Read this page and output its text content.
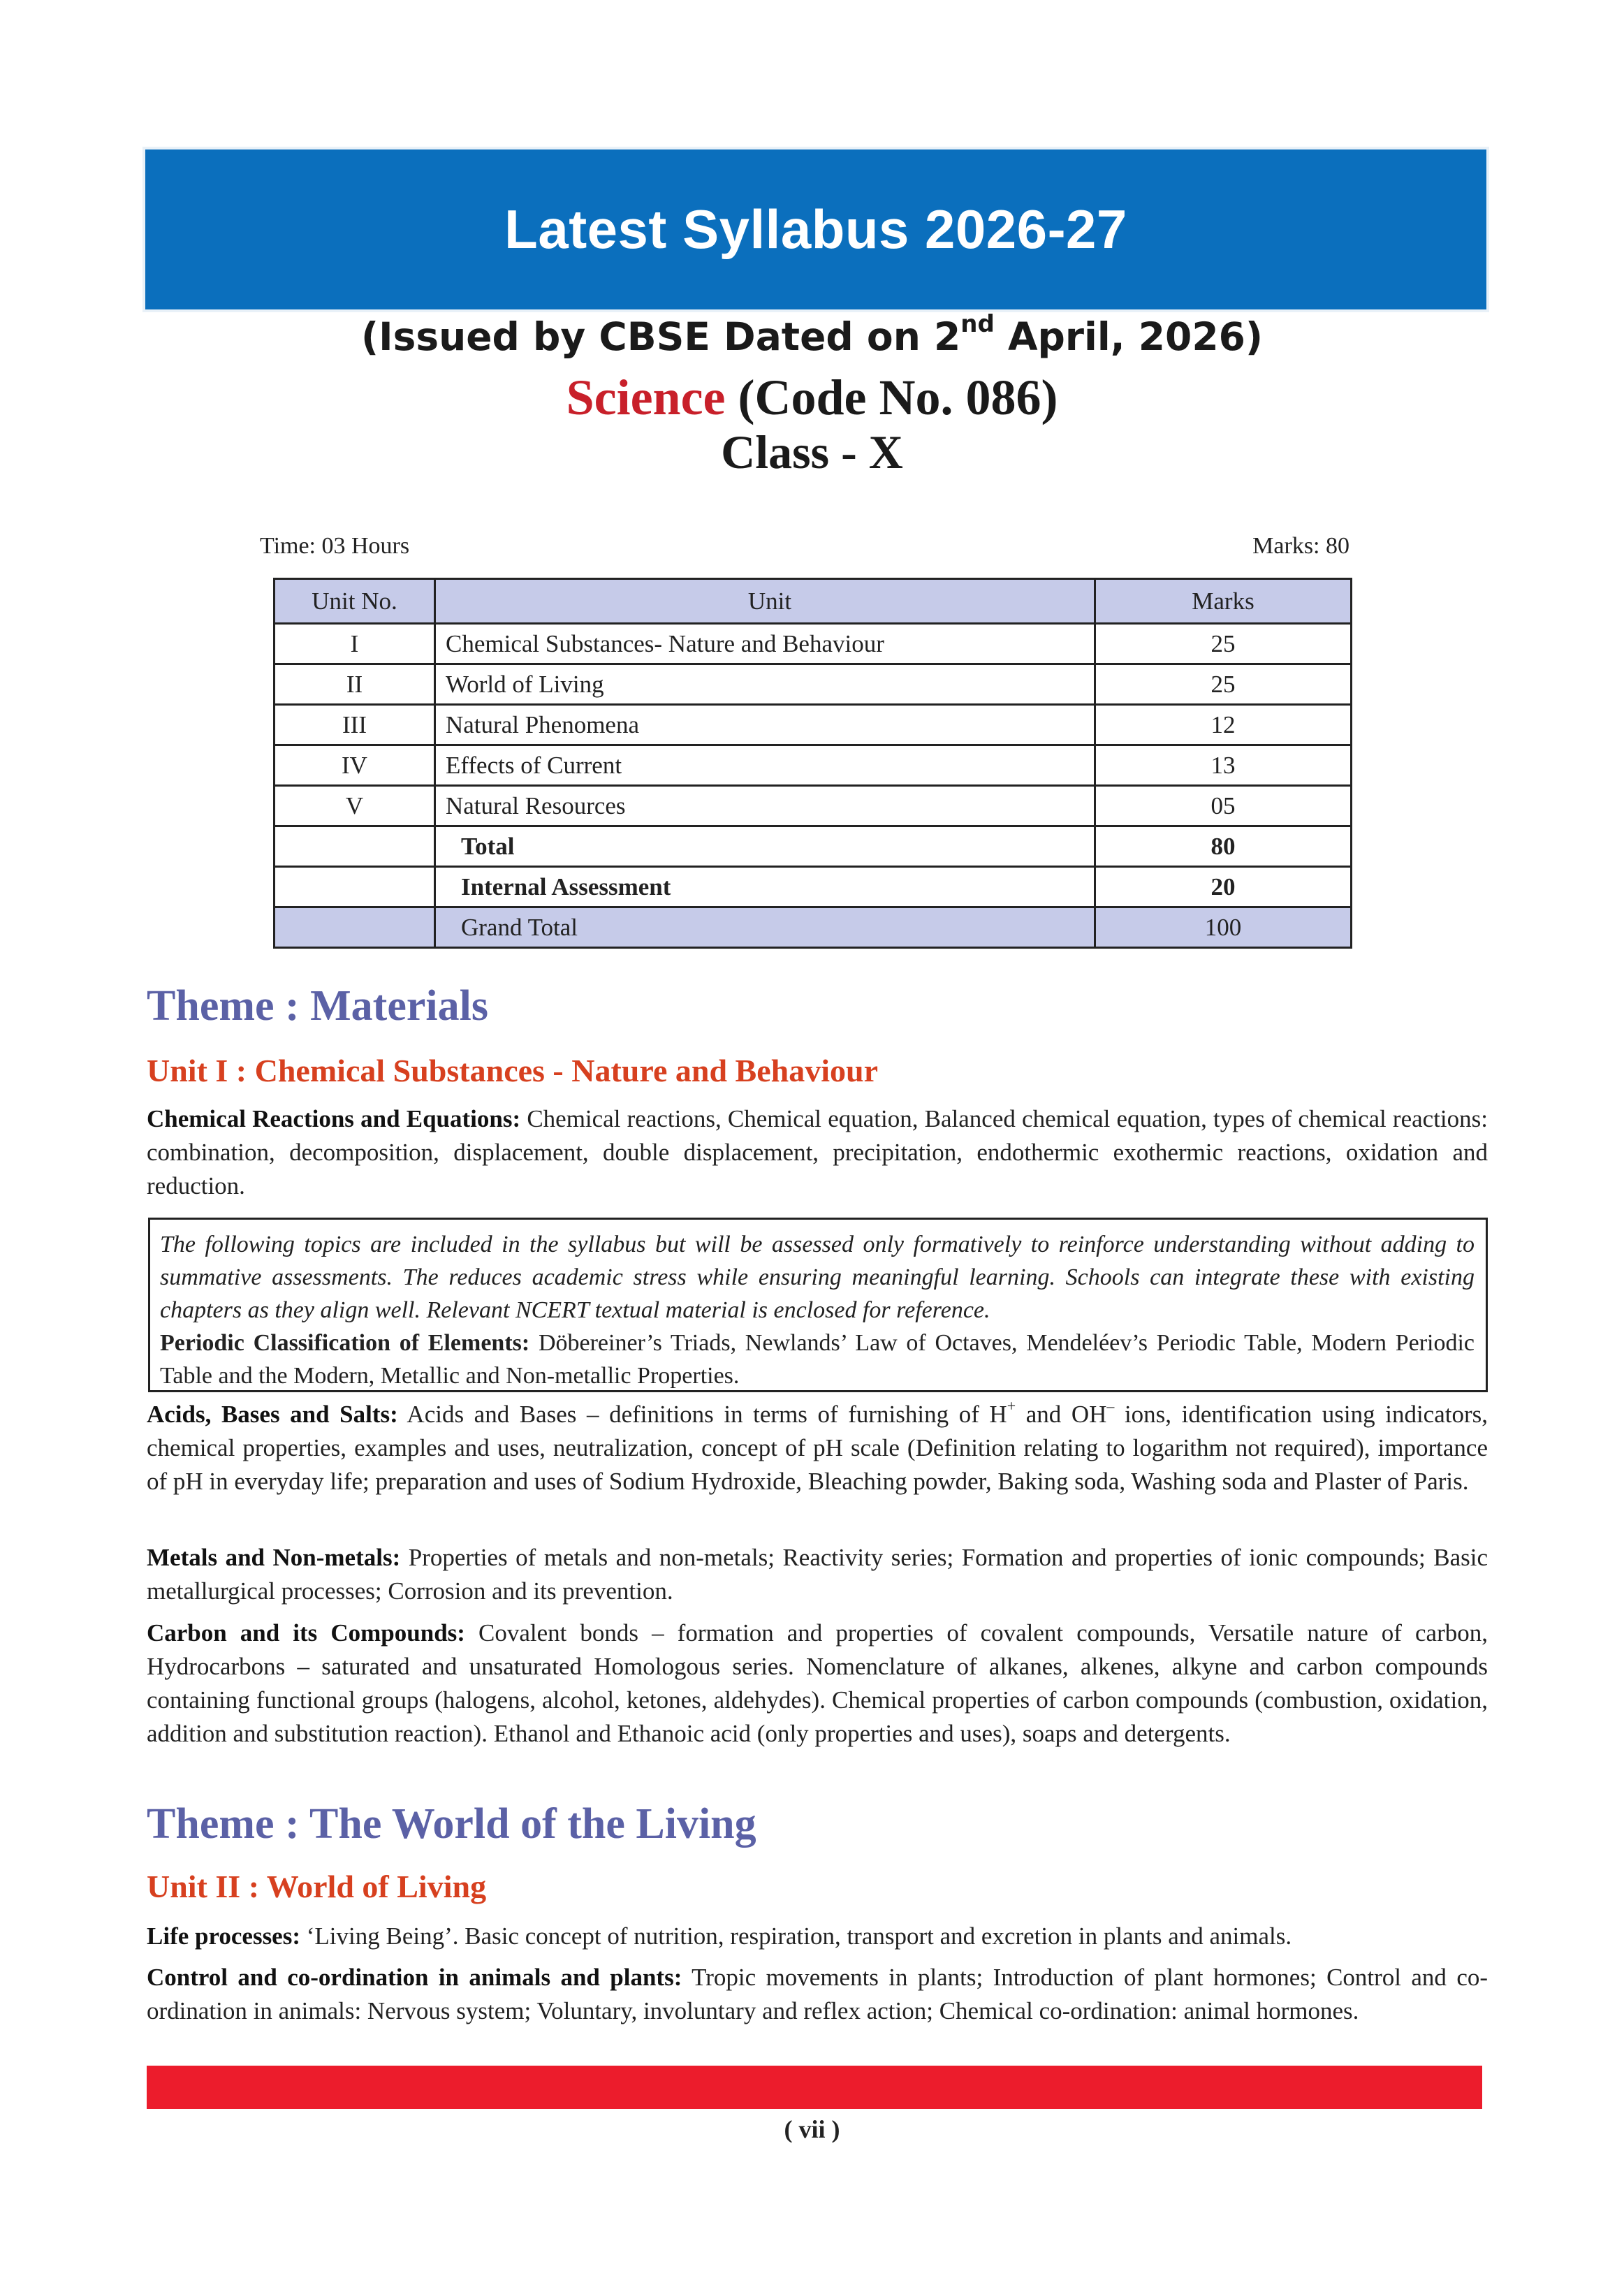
Latest Syllabus 2026-27
(Issued by CBSE Dated on 2nd April, 2026)
Science (Code No. 086)
Class - X
Time: 03 Hours	Marks: 80
Unit No.	Unit	Marks
I	Chemical Substances- Nature and Behaviour	25
II	World of Living	25
III	Natural Phenomena	12
IV	Effects of Current	13
V	Natural Resources	05
	Total	80
	Internal Assessment	20
	Grand Total	100
Theme : Materials
Unit I : Chemical Substances - Nature and Behaviour
Chemical Reactions and Equations: Chemical reactions, Chemical equation, Balanced chemical equation, types of chemical reactions: combination, decomposition, displacement, double displacement, precipitation, endothermic exothermic reactions, oxidation and reduction.
The following topics are included in the syllabus but will be assessed only formatively to reinforce understanding without adding to summative assessments. The reduces academic stress while ensuring meaningful learning. Schools can integrate these with existing chapters as they align well. Relevant NCERT textual material is enclosed for reference.
Periodic Classification of Elements: Döbereiner’s Triads, Newlands’ Law of Octaves, Mendeléev’s Periodic Table, Modern Periodic Table and the Modern, Metallic and Non-metallic Properties.
Acids, Bases and Salts: Acids and Bases – definitions in terms of furnishing of H+ and OH– ions, identification using indicators, chemical properties, examples and uses, neutralization, concept of pH scale (Definition relating to logarithm not required), importance of pH in everyday life; preparation and uses of Sodium Hydroxide, Bleaching powder, Baking soda, Washing soda and Plaster of Paris.
Metals and Non-metals: Properties of metals and non-metals; Reactivity series; Formation and properties of ionic compounds; Basic metallurgical processes; Corrosion and its prevention.
Carbon and its Compounds: Covalent bonds – formation and properties of covalent compounds, Versatile nature of carbon, Hydrocarbons – saturated and unsaturated Homologous series. Nomenclature of alkanes, alkenes, alkyne and carbon compounds containing functional groups (halogens, alcohol, ketones, aldehydes). Chemical properties of carbon compounds (combustion, oxidation, addition and substitution reaction). Ethanol and Ethanoic acid (only properties and uses), soaps and detergents.
Theme : The World of the Living
Unit II : World of Living
Life processes: ‘Living Being’. Basic concept of nutrition, respiration, transport and excretion in plants and animals.
Control and co-ordination in animals and plants: Tropic movements in plants; Introduction of plant hormones; Control and co-ordination in animals: Nervous system; Voluntary, involuntary and reflex action; Chemical co-ordination: animal hormones.
( vii )
